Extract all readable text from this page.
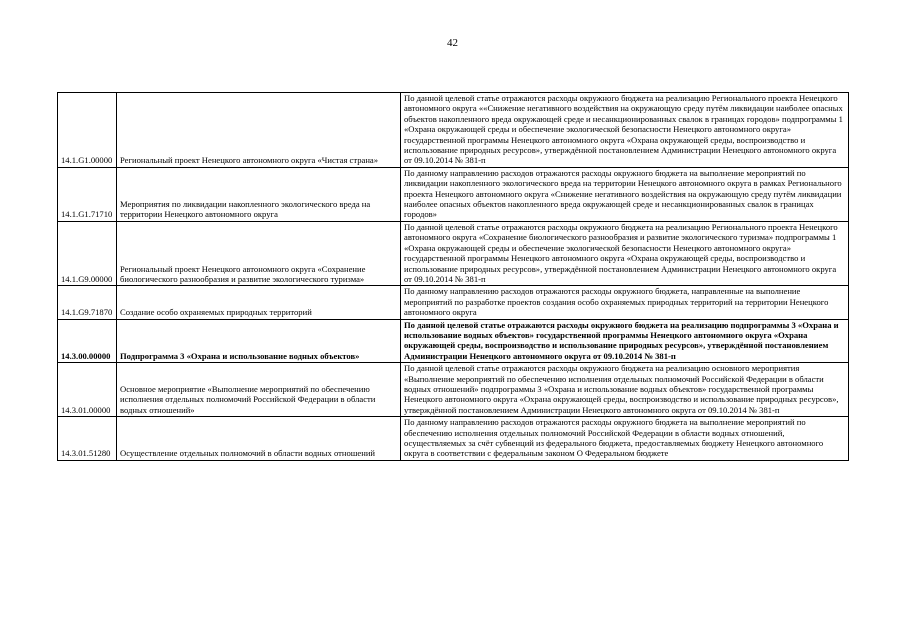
42
14.1.G1.00000	Региональный проект Ненецкого автономного округа «Чистая страна»	По данной целевой статье отражаются расходы окружного бюджета на реализацию Регионального проекта Ненецкого автономного округа ««Снижение негативного воздействия на окружающую среду путём ликвидации наиболее опасных объектов накопленного вреда окружающей среде и несанкционированных свалок в границах городов» подпрограммы 1 «Охрана окружающей среды и обеспечение экологической безопасности Ненецкого автономного округа» государственной программы Ненецкого автономного округа «Охрана окружающей среды, воспроизводство и использование природных ресурсов», утверждённой постановлением Администрации Ненецкого автономного округа от 09.10.2014 № 381-п
14.1.G1.71710	Мероприятия по ликвидации накопленного экологического вреда на территории Ненецкого автономного округа	По данному направлению расходов отражаются расходы окружного бюджета на выполнение мероприятий по ликвидации накопленного экологического вреда на территории Ненецкого автономного округа в рамках Регионального проекта Ненецкого автономного округа «Снижение негативного воздействия на окружающую среду путём ликвидации наиболее опасных объектов накопленного вреда окружающей среде и несанкционированных свалок в границах городов»
14.1.G9.00000	Региональный проект Ненецкого автономного округа «Сохранение биологического разнообразия и развитие экологического туризма»	По данной целевой статье отражаются расходы окружного бюджета на реализацию Регионального проекта Ненецкого автономного округа «Сохранение биологического разнообразия и развитие экологического туризма» подпрограммы 1 «Охрана окружающей среды и обеспечение экологической безопасности Ненецкого автономного округа» государственной программы Ненецкого автономного округа «Охрана окружающей среды, воспроизводство и использование природных ресурсов», утверждённой постановлением Администрации Ненецкого автономного округа от 09.10.2014 № 381-п
14.1.G9.71870	Создание особо охраняемых природных территорий	По данному направлению расходов отражаются расходы окружного бюджета, направленные на выполнение мероприятий по разработке проектов создания особо охраняемых природных территорий на территории Ненецкого автономного округа
14.3.00.00000	Подпрограмма 3 «Охрана и использование водных объектов»	По данной целевой статье отражаются расходы окружного бюджета на реализацию подпрограммы 3 «Охрана и использование водных объектов» государственной программы Ненецкого автономного округа «Охрана окружающей среды, воспроизводство и использование природных ресурсов», утверждённой постановлением Администрации Ненецкого автономного округа от 09.10.2014 № 381-п
14.3.01.00000	Основное мероприятие «Выполнение мероприятий по обеспечению исполнения отдельных полномочий Российской Федерации в области водных отношений»	По данной целевой статье отражаются расходы окружного бюджета на реализацию основного мероприятия «Выполнение мероприятий по обеспечению исполнения отдельных полномочий Российской Федерации в области водных отношений» подпрограммы 3 «Охрана и использование водных объектов» государственной программы Ненецкого автономного округа «Охрана окружающей среды, воспроизводство и использование природных ресурсов», утверждённой постановлением Администрации Ненецкого автономного округа от 09.10.2014 № 381-п
14.3.01.51280	Осуществление отдельных полномочий в области водных отношений	По данному направлению расходов отражаются расходы окружного бюджета на выполнение мероприятий по обеспечению исполнения отдельных полномочий Российской Федерации в области водных отношений, осуществляемых за счёт субвенций из федерального бюджета, предоставляемых бюджету Ненецкого автономного округа в соответствии с федеральным законом О Федеральном бюджете
